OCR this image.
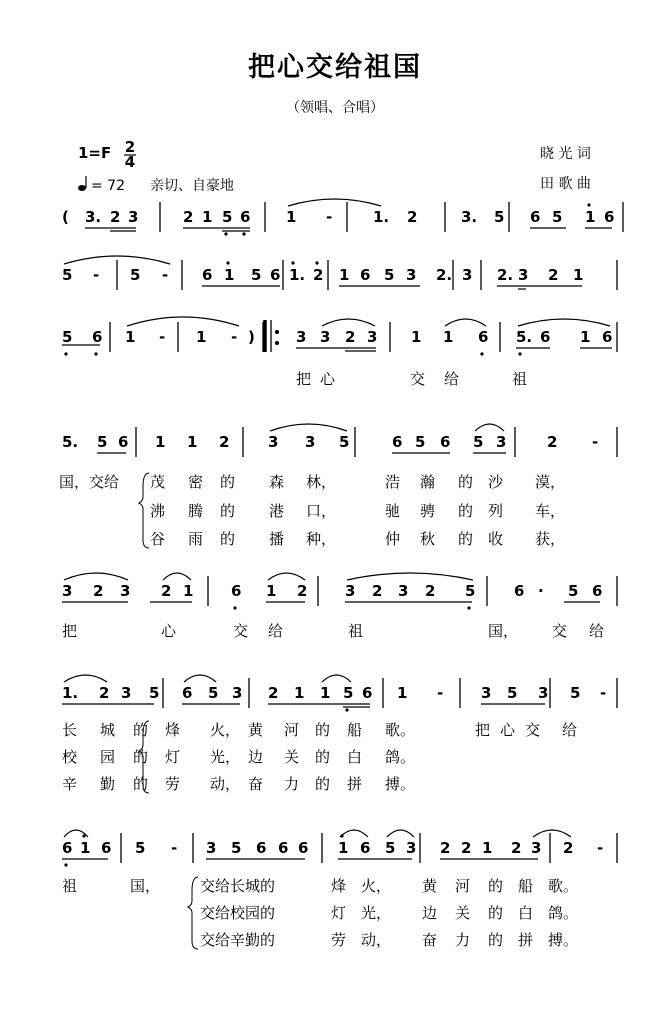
把心交给祖国
（领唱、合唱）
1=F 2
4
= 72 亲切、自豪地
晓 光 词
田 歌 曲
( 3. 2 3	2 1 5 6 1 -	1. 2	3. 5 6 5 1 6
5 - 5 - 6 1 5 6 1. 2 1 6 5 3 2. 3 2. 3 2 1
5 6 1 - 1 - )	3 3 2 3 1 1 6 5. 6 1 6
把 心	交 给	祖
5. 5 6 1 1 2	3 3 5	6 5 6 5 3	2 -
国，交给 茂 密 的 森 林，	浩 瀚 的 沙 漠，
沸 腾 的 港 口，	驰 骋 的 列 车，
谷 雨 的 播 种，	仲 秋 的 收 获，
3 2 3 2 1	6 1 2	3 2 3 2 5	6 · 5 6
把	心	交 给	祖	国， 交 给
1. 2 3 5 6 5 3 2 1 1 5 6 1 -	3 5 3 5 -
长 城 的 烽 火， 黄 河 的 船 歌。	把 心 交 给
校 园 的 灯 光， 边 关 的 白 鸽。
辛 勤 的 劳 动， 奋 力 的 拼 搏。
6 1 6 5 - 3 5 6 6 6 1 6 5 3 2 2 1 2 3 2 -
祖	国，	交给长城的	烽 火， 黄 河 的 船 歌。
交给校园的	灯 光， 边 关 的 白 鸽。
交给辛勤的	劳 动， 奋 力 的 拼 搏。
